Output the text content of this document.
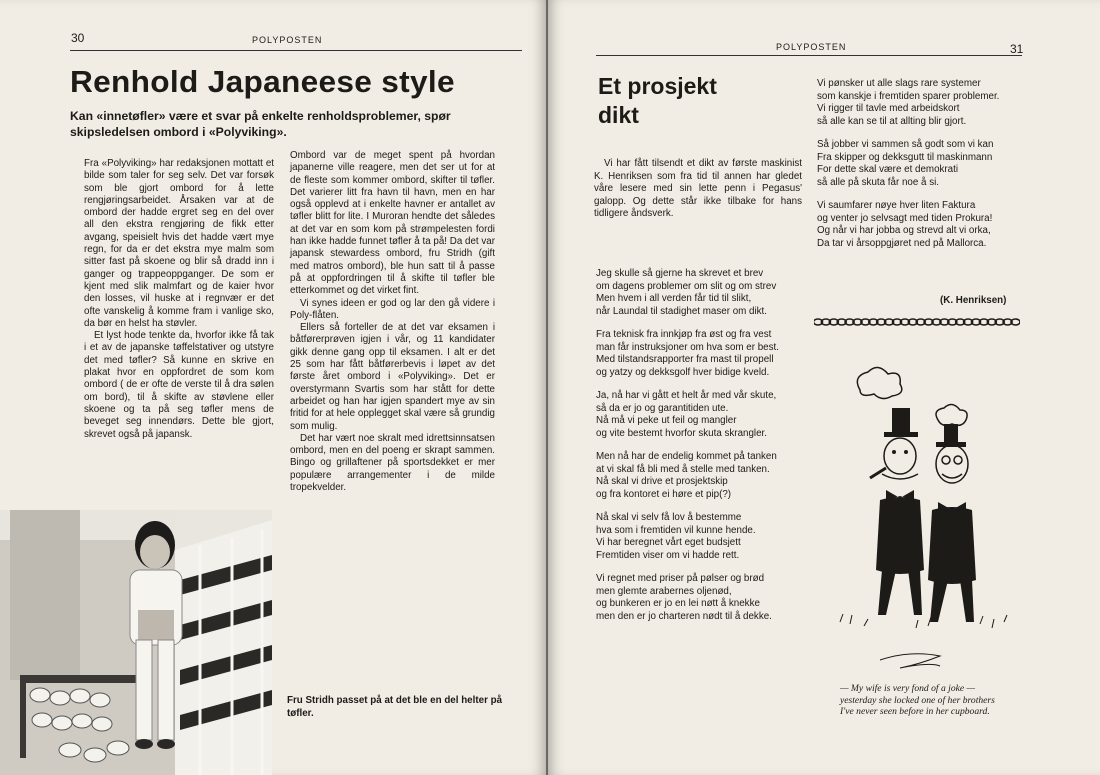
30	POLYPOSTEN
Renhold Japaneese style

Kan «innetøfler» være et svar på enkelte renholdsproblemer, spør skipsledelsen ombord i «Polyviking».

Fra «Polyviking» har redaksjonen mottatt et bilde som taler for seg selv. Det var forsøk som ble gjort ombord for å lette rengjøringsarbeidet. Årsaken var at de ombord der hadde ergret seg en del over all den ekstra rengjøring de fikk etter avgang, speisielt hvis det hadde vært mye regn, for da er det ekstra mye malm som sitter fast på skoene og blir så dradd inn i ganger og trappeoppganger. De som er kjent med slik malmfart og de kaier hvor den losses, vil huske at i regnvær er det ofte vanskelig å komme fram i vanlige sko, da bør en helst ha støvler.

Et lyst hode tenkte da, hvorfor ikke få tak i et av de japanske tøffelstativer og utstyre det med tøfler? Så kunne en skrive en plakat hvor en oppfordret de som kom ombord ( de er ofte de verste til å dra sølen om bord), til å skifte av støvlene eller skoene og ta på seg tøfler mens de beveget seg innendørs. Dette ble gjort, skrevet også på japansk.

Ombord var de meget spent på hvordan japanerne ville reagere, men det ser ut for at de fleste som kommer ombord, skifter til tøfler. Det varierer litt fra havn til havn, men en har også opplevd at i enkelte havner er antallet av tøfler blitt for lite. I Muroran hendte det således at det var en som kom på strømpelesten fordi han ikke hadde funnet tøfler å ta på! Da det var japansk stewardess ombord, fru Stridh (gift med matros ombord), ble hun satt til å passe på at oppfordringen til å skifte til tøfler ble etterkommet og det virket fint.

Vi synes ideen er god og lar den gå videre i Poly-flåten.

Ellers så forteller de at det var eksamen i båtførerprøven igjen i vår, og 11 kandidater gikk denne gang opp til eksamen. I alt er det 25 som har fått båtførerbevis i løpet av det første året ombord i «Polyviking». Det er overstyrmann Svartis som har stått for dette arbeidet og han har igjen spandert mye av sin fritid for at hele opplegget skal være så grundig som mulig.

Det har vært noe skralt med idrettsinnsatsen ombord, men en del poeng er skrapt sammen. Bingo og grillaftener på sportsdekket er mer populære arrangementer i de milde tropekvelder.

Fru Stridh passet på at det ble en del helter på tøfler.

POLYPOSTEN	31
Et prosjekt dikt

Vi har fått tilsendt et dikt av første maskinist K. Henriksen som fra tid til annen har gledet våre lesere med sin lette penn i Pegasus' galopp. Og dette står ikke tilbake for hans tidligere åndsverk.

Jeg skulle så gjerne ha skrevet et brev
om dagens problemer om slit og om strev
Men hvem i all verden får tid til slikt,
når Laundal til stadighet maser om dikt.

Fra teknisk fra innkjøp fra øst og fra vest
man får instruksjoner om hva som er best.
Med tilstandsrapporter fra mast til propell
og yatzy og dekksgolf hver bidige kveld.

Ja, nå har vi gått et helt år med vår skute,
så da er jo og garantitiden ute.
Nå må vi peke ut feil og mangler
og vite bestemt hvorfor skuta skrangler.

Men nå har de endelig kommet på tanken
at vi skal få bli med å stelle med tanken.
Nå skal vi drive et prosjektskip
og fra kontoret ei høre et pip(?)

Nå skal vi selv få lov å bestemme
hva som i fremtiden vil kunne hende.
Vi har beregnet vårt eget budsjett
Fremtiden viser om vi hadde rett.

Vi regnet med priser på pølser og brød
men glemte arabernes oljenød,
og bunkeren er jo en lei nøtt å knekke
men den er jo charteren nødt til å dekke.

Vi pønsker ut alle slags rare systemer
som kanskje i fremtiden sparer problemer.
Vi rigger til tavle med arbeidskort
så alle kan se til at allting blir gjort.

Så jobber vi sammen så godt som vi kan
Fra skipper og dekksgutt til maskinmann
For dette skal være et demokrati
så alle på skuta får noe å si.

Vi saumfarer nøye hver liten Faktura
og venter jo selvsagt med tiden Prokura!
Og når vi har jobba og strevd alt vi orka,
Da tar vi årsoppgjøret ned på Mallorca.

(K. Henriksen)

— My wife is very fond of a joke — yesterday she locked one of her brothers I've never seen before in her cupboard.
